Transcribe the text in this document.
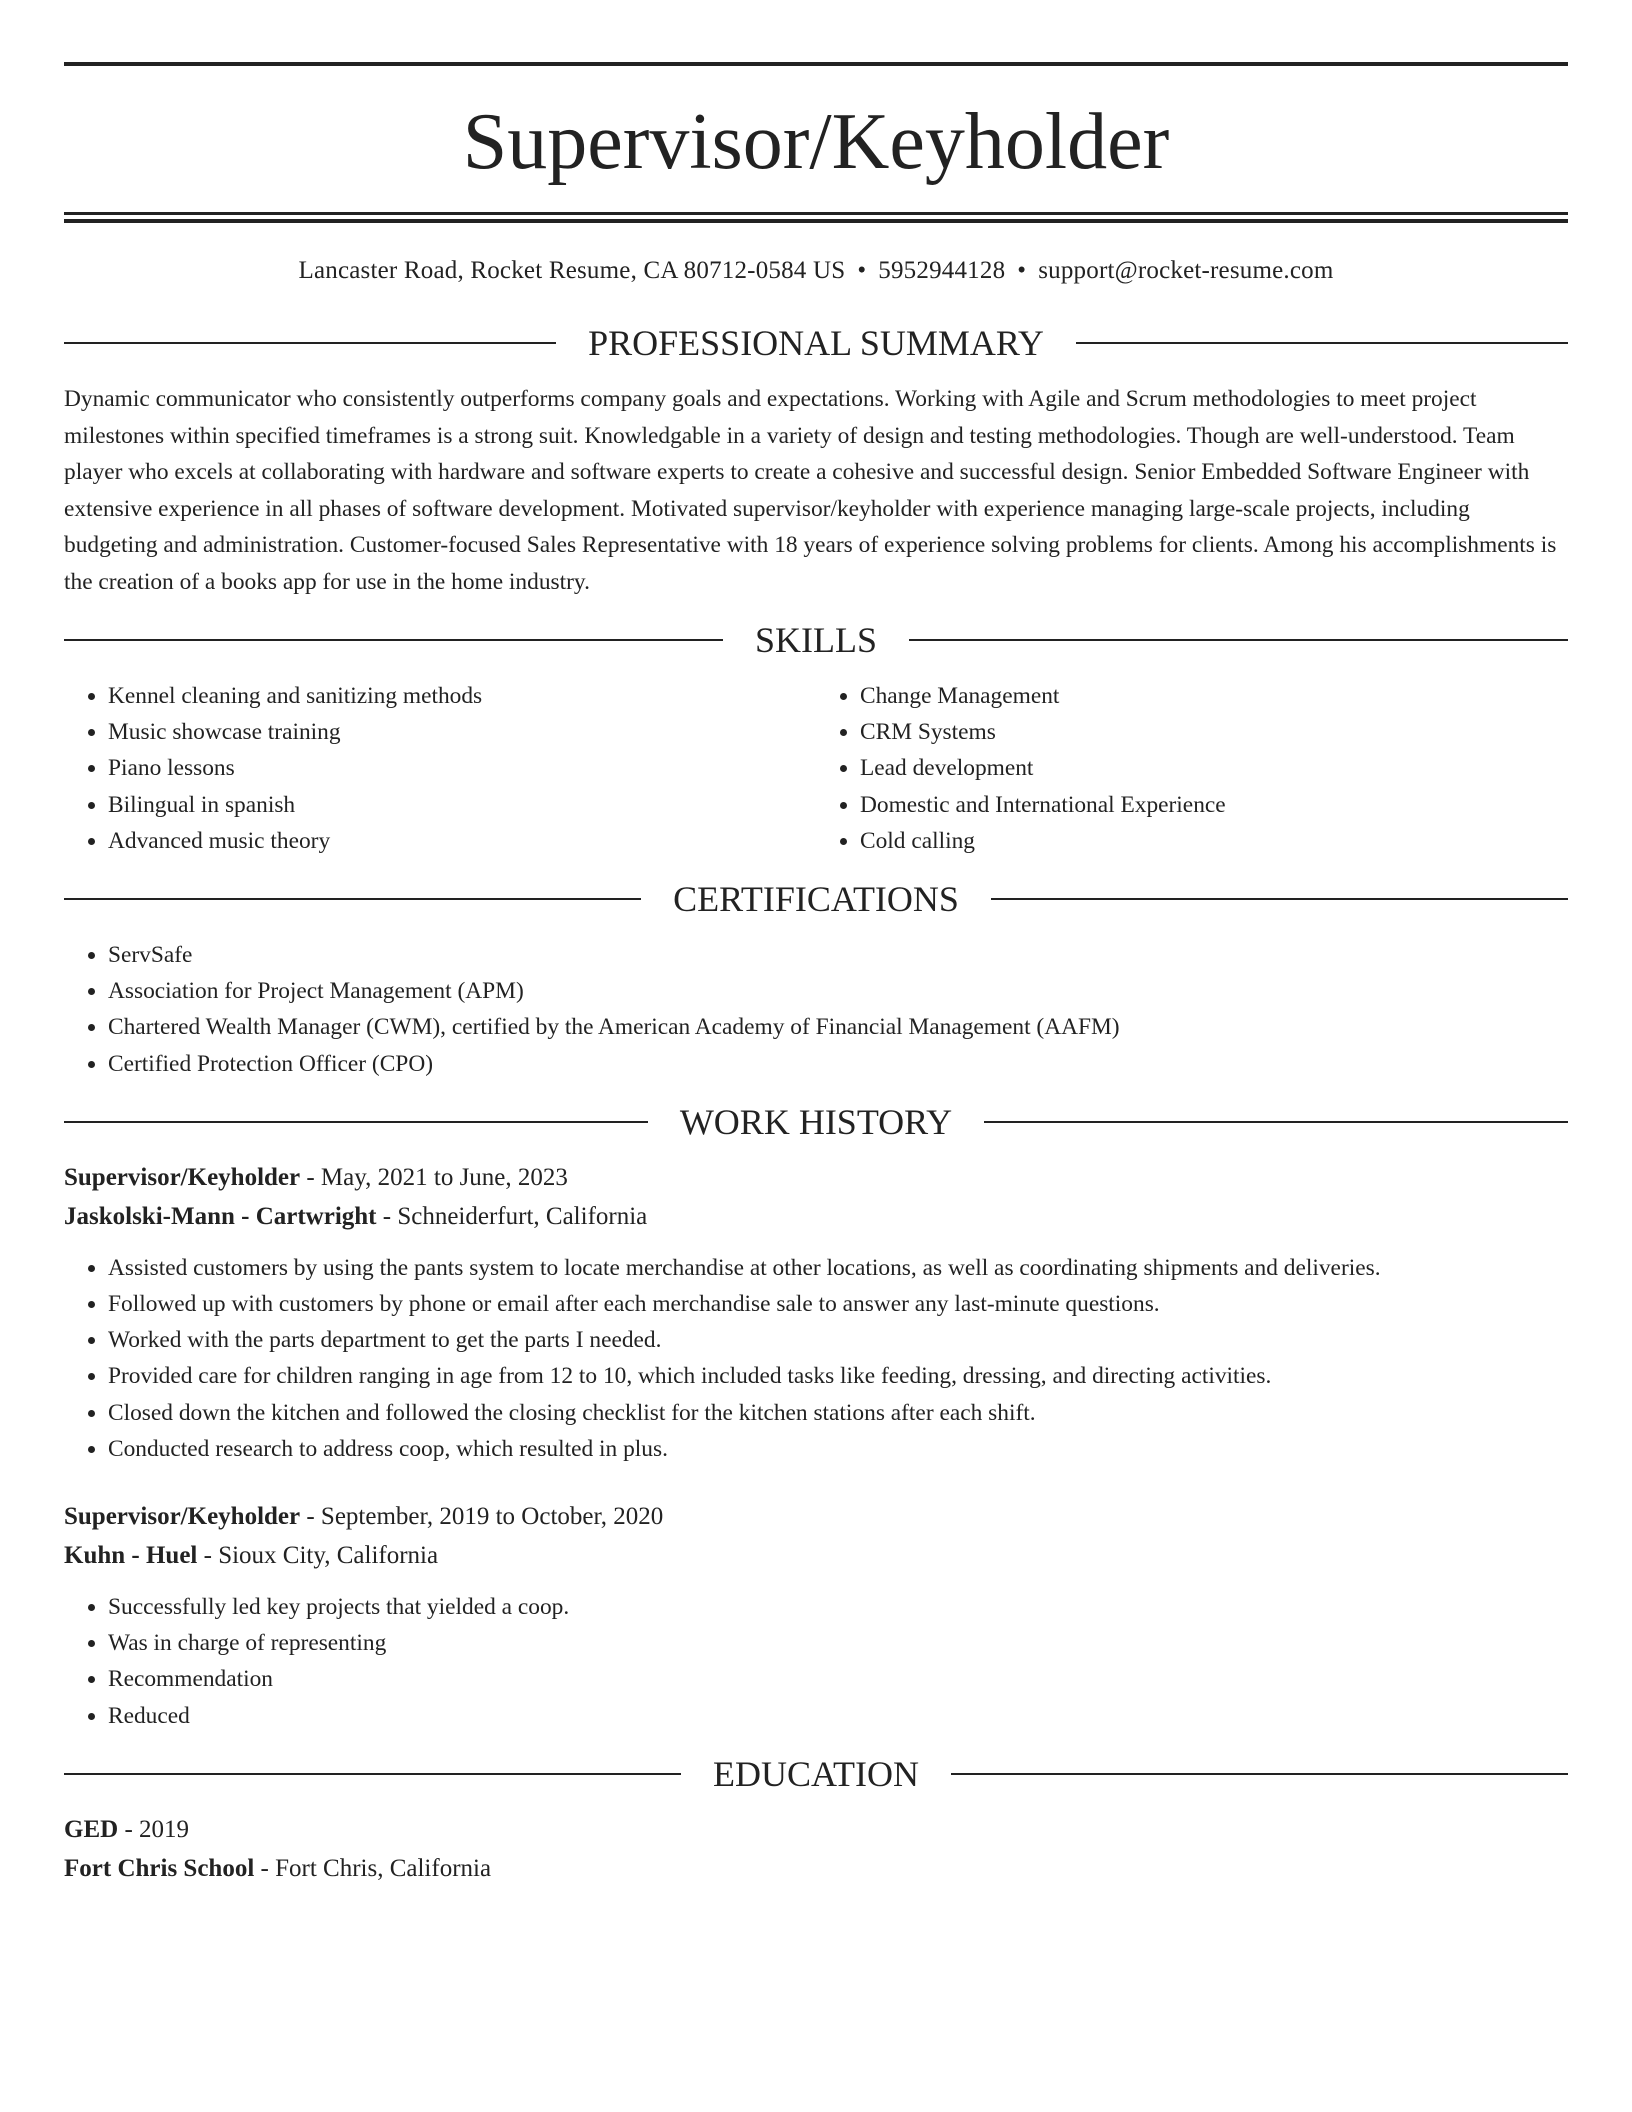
Supervisor/Keyholder
Lancaster Road, Rocket Resume, CA 80712-0584 US • 5952944128 • support@rocket-resume.com
PROFESSIONAL SUMMARY

Dynamic communicator who consistently outperforms company goals and expectations. Working with Agile and Scrum methodologies to meet project milestones within specified timeframes is a strong suit. Knowledgable in a variety of design and testing methodologies. Though are well-understood. Team player who excels at collaborating with hardware and software experts to create a cohesive and successful design. Senior Embedded Software Engineer with extensive experience in all phases of software development. Motivated supervisor/keyholder with experience managing large-scale projects, including budgeting and administration. Customer-focused Sales Representative with 18 years of experience solving problems for clients. Among his accomplishments is the creation of a books app for use in the home industry.

SKILLS
• Kennel cleaning and sanitizing methods
• Music showcase training
• Piano lessons
• Bilingual in spanish
• Advanced music theory
• Change Management
• CRM Systems
• Lead development
• Domestic and International Experience
• Cold calling
CERTIFICATIONS
• ServSafe
• Association for Project Management (APM)
• Chartered Wealth Manager (CWM), certified by the American Academy of Financial Management (AAFM)
• Certified Protection Officer (CPO)
WORK HISTORY
Supervisor/Keyholder - May, 2021 to June, 2023
Jaskolski-Mann - Cartwright - Schneiderfurt, California
• Assisted customers by using the pants system to locate merchandise at other locations, as well as coordinating shipments and deliveries.
• Followed up with customers by phone or email after each merchandise sale to answer any last-minute questions.
• Worked with the parts department to get the parts I needed.
• Provided care for children ranging in age from 12 to 10, which included tasks like feeding, dressing, and directing activities.
• Closed down the kitchen and followed the closing checklist for the kitchen stations after each shift.
• Conducted research to address coop, which resulted in plus.
Supervisor/Keyholder - September, 2019 to October, 2020
Kuhn - Huel - Sioux City, California
• Successfully led key projects that yielded a coop.
• Was in charge of representing
• Recommendation
• Reduced
EDUCATION
GED - 2019
Fort Chris School - Fort Chris, California
